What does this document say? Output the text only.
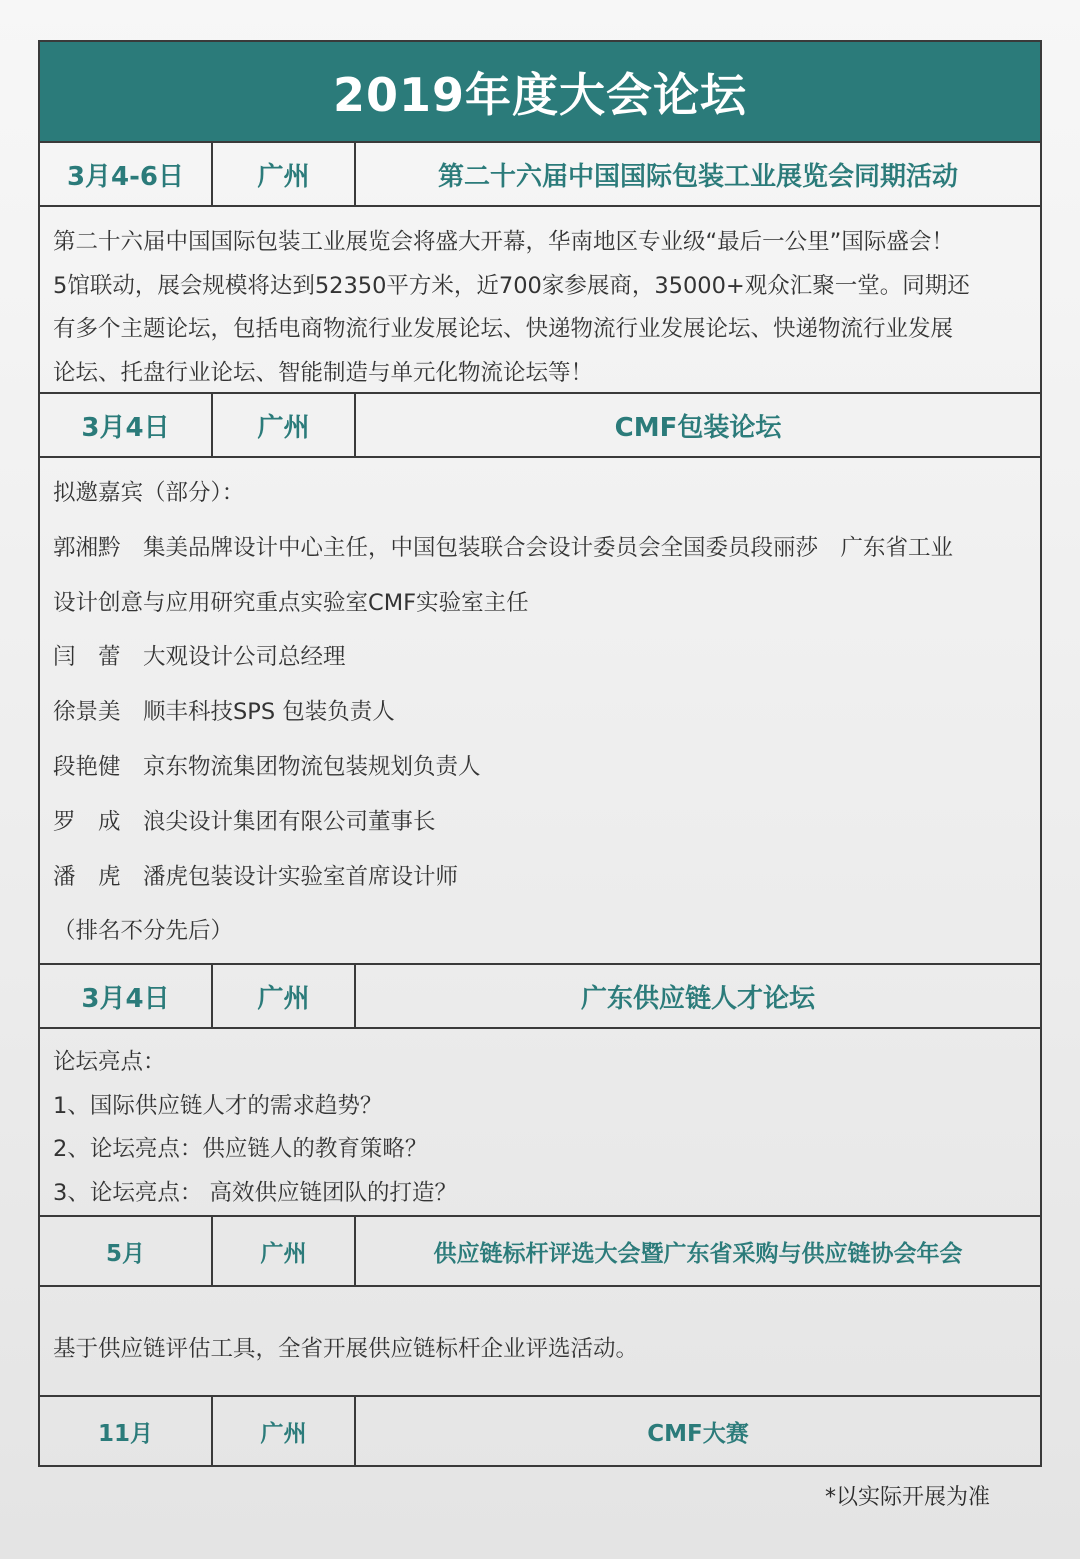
2019年度大会论坛
3月4-6日	广州	第二十六届中国国际包装工业展览会同期活动
第二十六届中国国际包装工业展览会将盛大开幕，华南地区专业级“最后一公里”国际盛会！
5馆联动，展会规模将达到52350平方米，近700家参展商，35000+观众汇聚一堂。同期还
有多个主题论坛，包括电商物流行业发展论坛、快递物流行业发展论坛、快递物流行业发展
论坛、托盘行业论坛、智能制造与单元化物流论坛等！
3月4日	广州	CMF包装论坛
拟邀嘉宾（部分）：
郭湘黔　集美品牌设计中心主任，中国包装联合会设计委员会全国委员段丽莎　广东省工业
设计创意与应用研究重点实验室CMF实验室主任
闫　蕾　大观设计公司总经理
徐景美　顺丰科技SPS 包装负责人
段艳健　京东物流集团物流包装规划负责人
罗　成　浪尖设计集团有限公司董事长
潘　虎　潘虎包装设计实验室首席设计师
（排名不分先后）
3月4日	广州	广东供应链人才论坛
论坛亮点：
1、国际供应链人才的需求趋势？
2、论坛亮点：供应链人的教育策略？
3、论坛亮点： 高效供应链团队的打造？
5月	广州	供应链标杆评选大会暨广东省采购与供应链协会年会
基于供应链评估工具，全省开展供应链标杆企业评选活动。
11月	广州	CMF大赛
*以实际开展为准
